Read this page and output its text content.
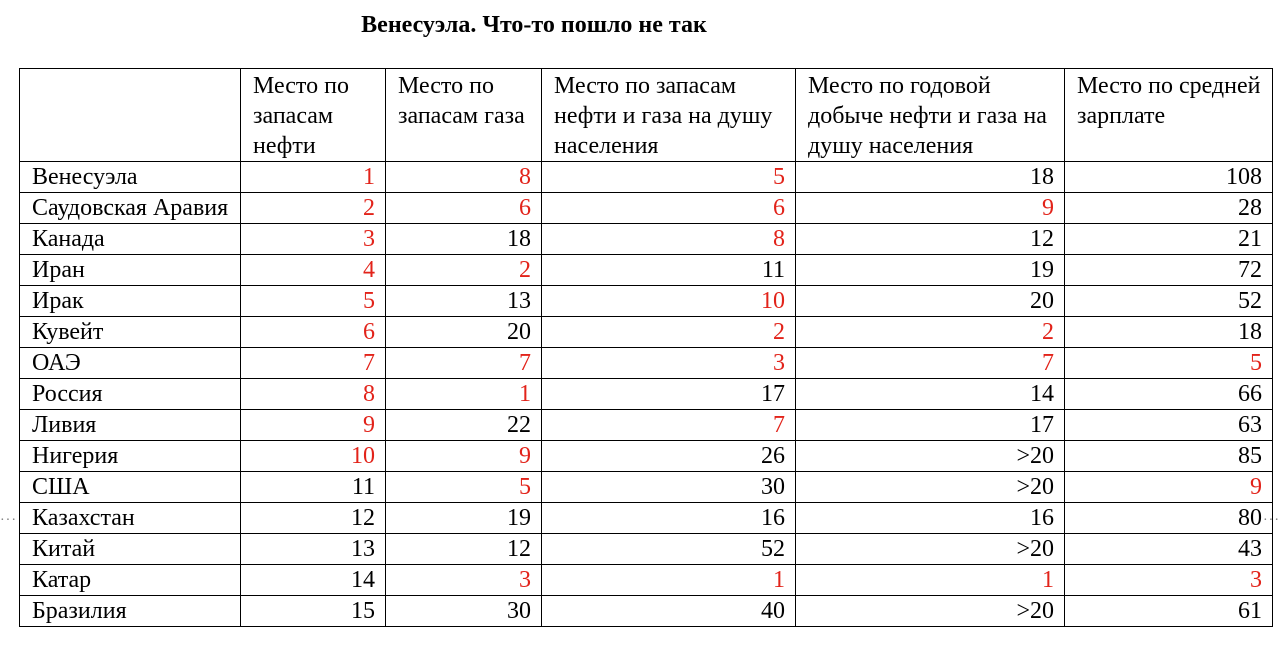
Венесуэла. Что-то пошло не так
···	···
	Место по запасам нефти	Место по запасам газа	Место по запасам нефти и газа на душу населения	Место по годовой добыче нефти и газа на душу населения	Место по средней зарплате
Венесуэла	1	8	5	18	108
Саудовская Аравия	2	6	6	9	28
Канада	3	18	8	12	21
Иран	4	2	11	19	72
Ирак	5	13	10	20	52
Кувейт	6	20	2	2	18
ОАЭ	7	7	3	7	5
Россия	8	1	17	14	66
Ливия	9	22	7	17	63
Нигерия	10	9	26	>20	85
США	11	5	30	>20	9
Казахстан	12	19	16	16	80
Китай	13	12	52	>20	43
Катар	14	3	1	1	3
Бразилия	15	30	40	>20	61
